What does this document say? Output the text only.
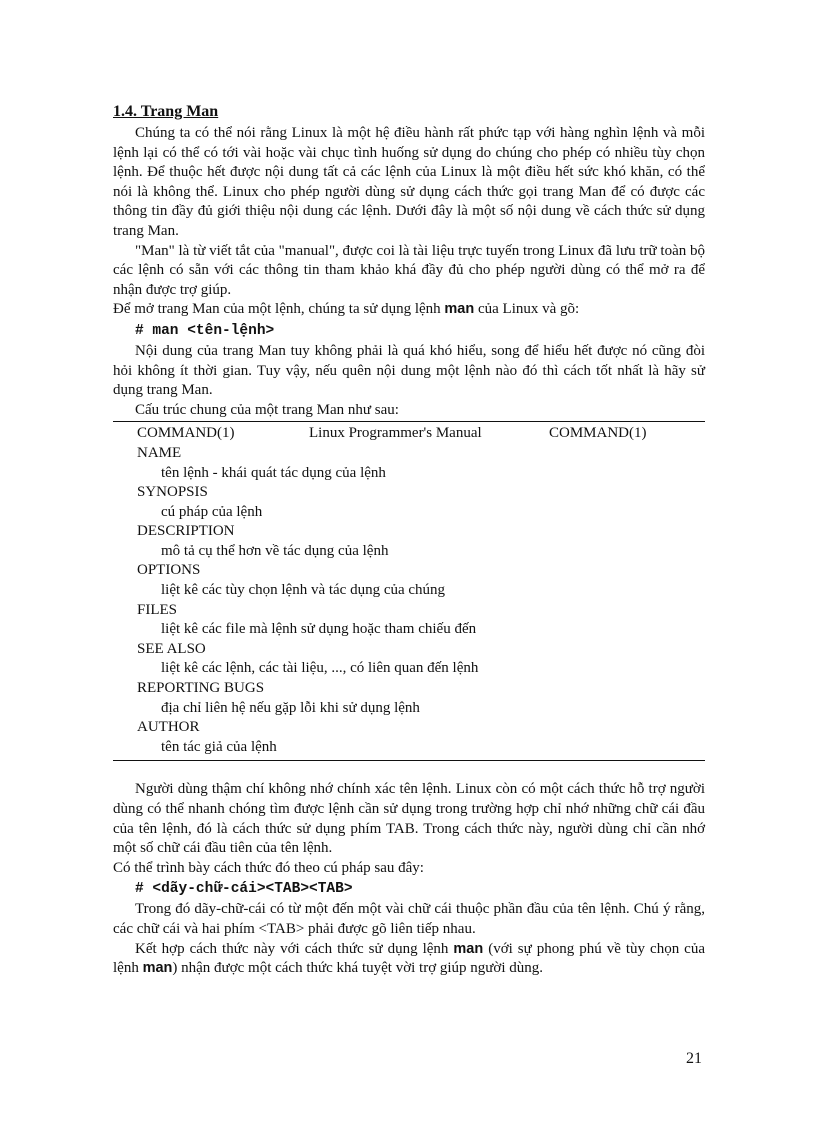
1.4. Trang Man

Chúng ta có thể nói rằng Linux là một hệ điều hành rất phức tạp với hàng nghìn lệnh và mỗi lệnh lại có thể có tới vài hoặc vài chục tình huống sử dụng do chúng cho phép có nhiều tùy chọn lệnh. Để thuộc hết được nội dung tất cả các lệnh của Linux là một điều hết sức khó khăn, có thể nói là không thể. Linux cho phép người dùng sử dụng cách thức gọi trang Man để có được các thông tin đầy đủ giới thiệu nội dung các lệnh. Dưới đây là một số nội dung về cách thức sử dụng trang Man.

"Man" là từ viết tắt của "manual", được coi là tài liệu trực tuyến trong Linux đã lưu trữ toàn bộ các lệnh có sẵn với các thông tin tham khảo khá đầy đủ cho phép người dùng có thể mở ra để nhận được trợ giúp.

Để mở trang Man của một lệnh, chúng ta sử dụng lệnh man của Linux và gõ:

# man <tên-lệnh>

Nội dung của trang Man tuy không phải là quá khó hiểu, song để hiểu hết được nó cũng đòi hỏi không ít thời gian. Tuy vậy, nếu quên nội dung một lệnh nào đó thì cách tốt nhất là hãy sử dụng trang Man.

Cấu trúc chung của một trang Man như sau:

COMMAND(1)	Linux Programmer's Manual	COMMAND(1)
NAME
tên lệnh - khái quát tác dụng của lệnh
SYNOPSIS
cú pháp của lệnh
DESCRIPTION
mô tả cụ thể hơn về tác dụng của lệnh
OPTIONS
liệt kê các tùy chọn lệnh và tác dụng của chúng
FILES
liệt kê các file mà lệnh sử dụng hoặc tham chiếu đến
SEE ALSO
liệt kê các lệnh, các tài liệu, ..., có liên quan đến lệnh
REPORTING BUGS
địa chỉ liên hệ nếu gặp lỗi khi sử dụng lệnh
AUTHOR
tên tác giả của lệnh

Người dùng thậm chí không nhớ chính xác tên lệnh. Linux còn có một cách thức hỗ trợ người dùng có thể nhanh chóng tìm được lệnh cần sử dụng trong trường hợp chỉ nhớ những chữ cái đầu của tên lệnh, đó là cách thức sử dụng phím TAB. Trong cách thức này, người dùng chỉ cần nhớ một số chữ cái đầu tiên của tên lệnh.

Có thể trình bày cách thức đó theo cú pháp sau đây:

# <dãy-chữ-cái><TAB><TAB>

Trong đó dãy-chữ-cái có từ một đến một vài chữ cái thuộc phần đầu của tên lệnh. Chú ý rằng, các chữ cái và hai phím <TAB> phải được gõ liên tiếp nhau.

Kết hợp cách thức này với cách thức sử dụng lệnh man (với sự phong phú về tùy chọn của lệnh man) nhận được một cách thức khá tuyệt vời trợ giúp người dùng.

21
